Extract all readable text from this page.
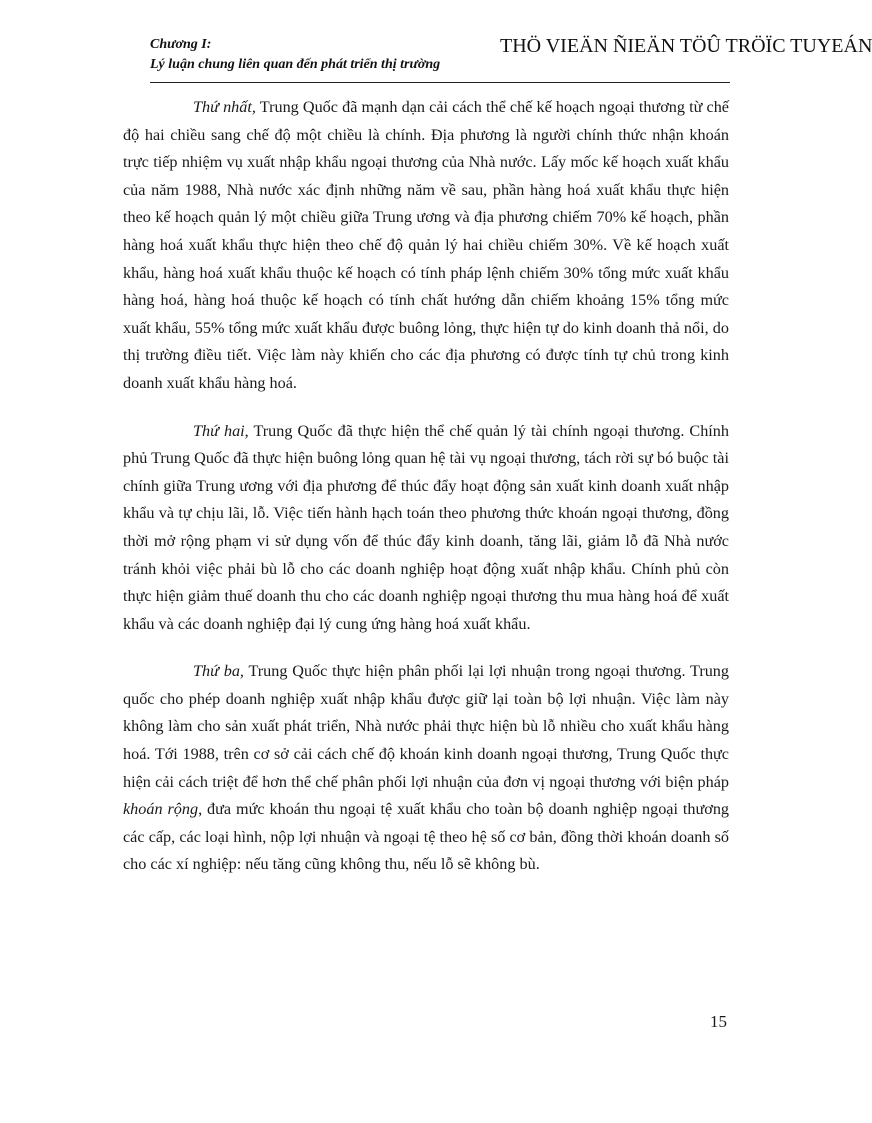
Chương I:
Lý luận chung liên quan đến phát triển thị trường
THÖ VIEÄN ÑIEÄN TÖÛ TRÖÏC TUYEÁN

Thứ nhất, Trung Quốc đã mạnh dạn cải cách thể chế kế hoạch ngoại thương từ chế độ hai chiều sang chế độ một chiều là chính. Địa phương là người chính thức nhận khoán trực tiếp nhiệm vụ xuất nhập khẩu ngoại thương của Nhà nước. Lấy mốc kế hoạch xuất khẩu của năm 1988, Nhà nước xác định những năm về sau, phần hàng hoá xuất khẩu thực hiện theo kế hoạch quản lý một chiều giữa Trung ương và địa phương chiếm 70% kế hoạch, phần hàng hoá xuất khẩu thực hiện theo chế độ quản lý hai chiều chiếm 30%. Về kế hoạch xuất khẩu, hàng hoá xuất khẩu thuộc kế hoạch có tính pháp lệnh chiếm 30% tổng mức xuất khẩu hàng hoá, hàng hoá thuộc kế hoạch có tính chất hướng dẫn chiếm khoảng 15% tổng mức xuất khẩu, 55% tổng mức xuất khẩu được buông lỏng, thực hiện tự do kinh doanh thả nổi, do thị trường điều tiết. Việc làm này khiến cho các địa phương có được tính tự chủ trong kinh doanh xuất khẩu hàng hoá.

Thứ hai, Trung Quốc đã thực hiện thể chế quản lý tài chính ngoại thương. Chính phủ Trung Quốc đã thực hiện buông lỏng quan hệ tài vụ ngoại thương, tách rời sự bó buộc tài chính giữa Trung ương với địa phương để thúc đẩy hoạt động sản xuất kinh doanh xuất nhập khẩu và tự chịu lãi, lỗ. Việc tiến hành hạch toán theo phương thức khoán ngoại thương, đồng thời mở rộng phạm vi sử dụng vốn để thúc đẩy kinh doanh, tăng lãi, giảm lỗ đã Nhà nước tránh khỏi việc phải bù lỗ cho các doanh nghiệp hoạt động xuất nhập khẩu. Chính phủ còn thực hiện giảm thuế doanh thu cho các doanh nghiệp ngoại thương thu mua hàng hoá để xuất khẩu và các doanh nghiệp đại lý cung ứng hàng hoá xuất khẩu.

Thứ ba, Trung Quốc thực hiện phân phối lại lợi nhuận trong ngoại thương. Trung quốc cho phép doanh nghiệp xuất nhập khẩu được giữ lại toàn bộ lợi nhuận. Việc làm này không làm cho sản xuất phát triển, Nhà nước phải thực hiện bù lỗ nhiều cho xuất khẩu hàng hoá. Tới 1988, trên cơ sở cải cách chế độ khoán kinh doanh ngoại thương, Trung Quốc thực hiện cải cách triệt để hơn thể chế phân phối lợi nhuận của đơn vị ngoại thương với biện pháp khoán rộng, đưa mức khoán thu ngoại tệ xuất khẩu cho toàn bộ doanh nghiệp ngoại thương các cấp, các loại hình, nộp lợi nhuận và ngoại tệ theo hệ số cơ bản, đồng thời khoán doanh số cho các xí nghiệp: nếu tăng cũng không thu, nếu lỗ sẽ không bù.

15
